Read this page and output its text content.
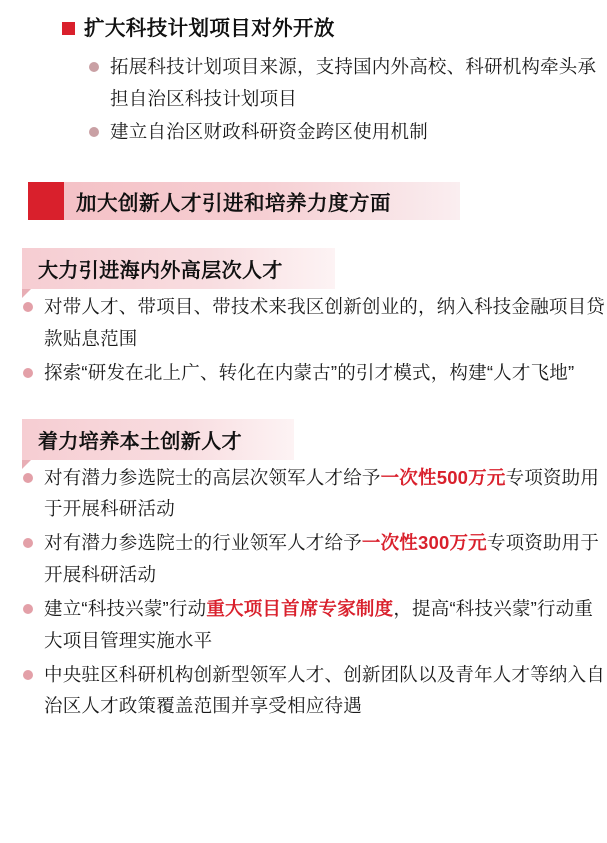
扩大科技计划项目对外开放
拓展科技计划项目来源，支持国内外高校、科研机构牵头承担自治区科技计划项目
建立自治区财政科研资金跨区使用机制
加大创新人才引进和培养力度方面
大力引进海内外高层次人才
对带人才、带项目、带技术来我区创新创业的，纳入科技金融项目贷款贴息范围
探索“研发在北上广、转化在内蒙古”的引才模式，构建“人才飞地”
着力培养本土创新人才
对有潜力参选院士的高层次领军人才给予一次性500万元专项资助用于开展科研活动
对有潜力参选院士的行业领军人才给予一次性300万元专项资助用于开展科研活动
建立“科技兴蒙”行动重大项目首席专家制度，提高“科技兴蒙”行动重大项目管理实施水平
中央驻区科研机构创新型领军人才、创新团队以及青年人才等纳入自治区人才政策覆盖范围并享受相应待遇
